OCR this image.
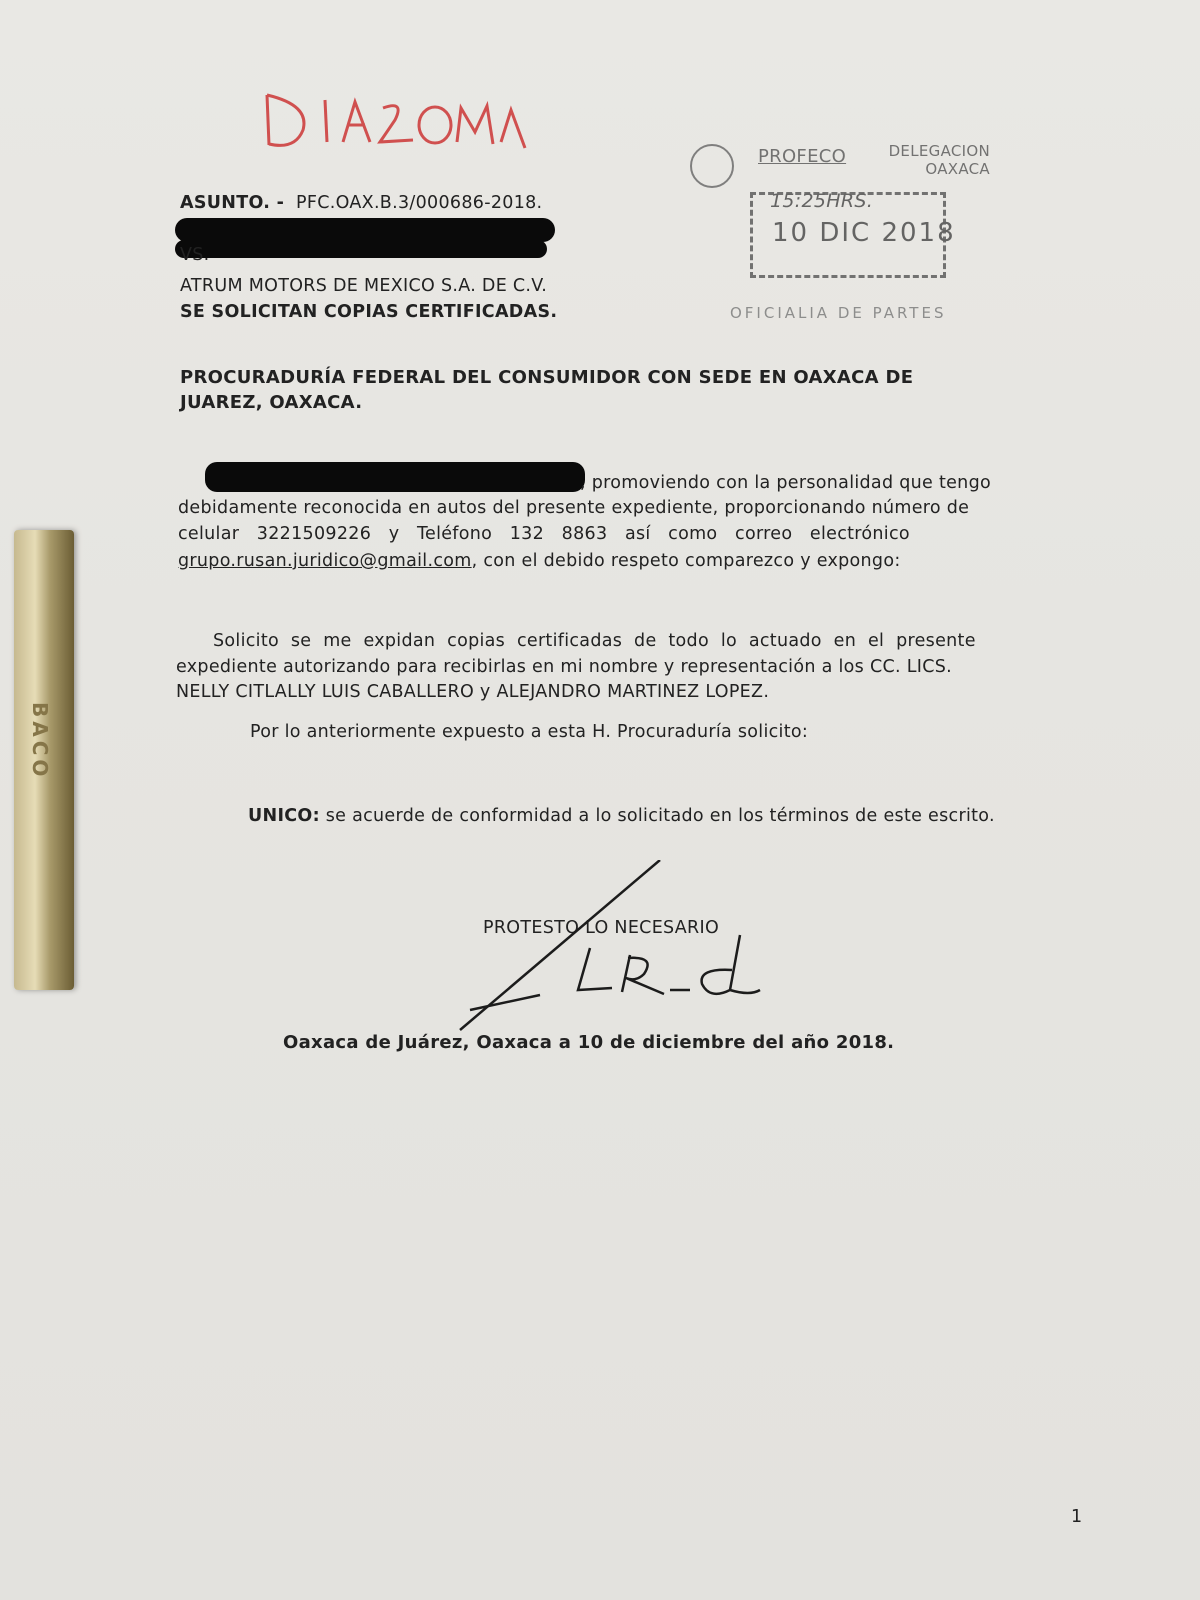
PROFECO	DELEGACION OAXACA
15:25HRS.
10 DIC 2018
OFICIALIA DE PARTES
ASUNTO. - PFC.OAX.B.3/000686-2018.
VS.
ATRUM MOTORS DE MEXICO S.A. DE C.V.
SE SOLICITAN COPIAS CERTIFICADAS.
PROCURADURÍA FEDERAL DEL CONSUMIDOR CON SEDE EN OAXACA DE
JUAREZ, OAXACA.
, promoviendo con la personalidad que tengo
debidamente reconocida en autos del presente expediente, proporcionando número de
celular   3221509226   y   Teléfono   132   8863   así   como   correo   electrónico
grupo.rusan.juridico@gmail.com, con el debido respeto comparezco y expongo:
Solicito se me expidan copias certificadas de todo lo actuado en el presente
expediente autorizando para recibirlas en mi nombre y representación a los CC. LICS.
NELLY CITLALLY LUIS CABALLERO y ALEJANDRO MARTINEZ LOPEZ.
Por lo anteriormente expuesto a esta H. Procuraduría solicito:
UNICO: se acuerde de conformidad a lo solicitado en los términos de este escrito.
PROTESTO LO NECESARIO
Oaxaca de Juárez, Oaxaca a 10 de diciembre del año 2018.
1
